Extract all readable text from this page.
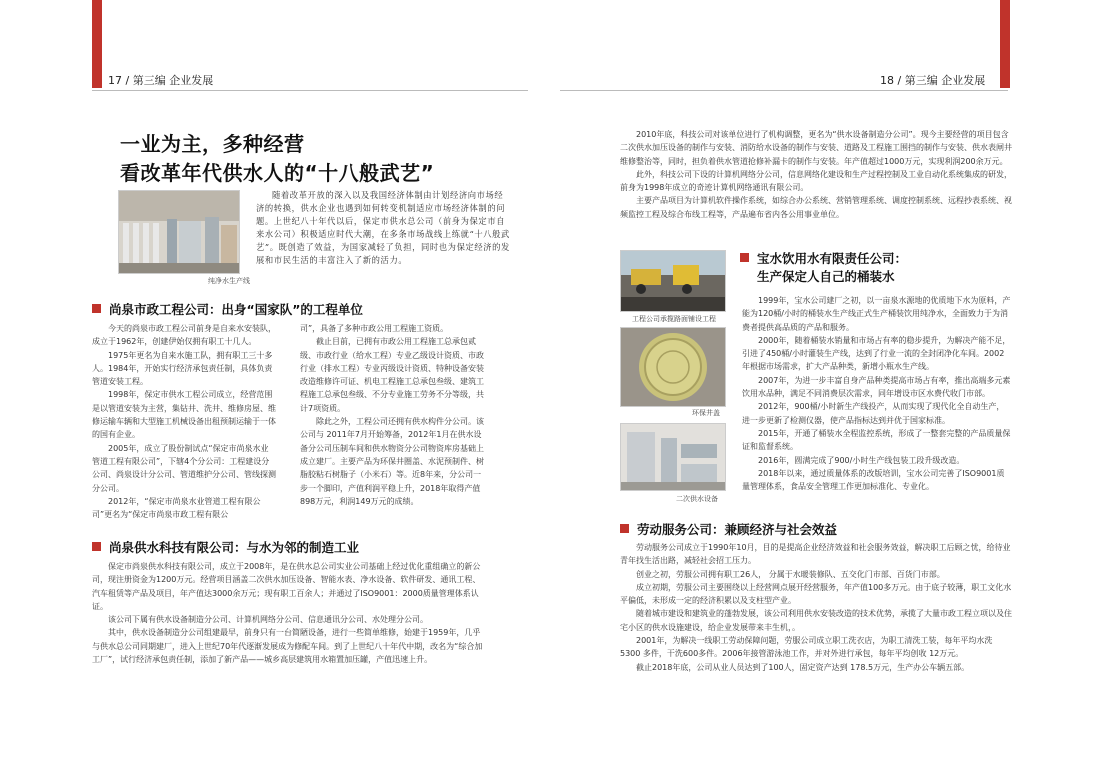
17 / 第三编 企业发展	18 / 第三编 企业发展
一业为主，多种经营
看改革年代供水人的“十八般武艺”
纯净水生产线

随着改革开放的深入以及我国经济体制由计划经济向市场经济的转换，供水企业也遇到如何转变机制适应市场经济体制的问题。上世纪八十年代以后，保定市供水总公司（前身为保定市自来水公司）积极适应时代大潮，在多条市场战线上练就“十八般武艺”。既创造了效益，为国家减轻了负担，同时也为保定经济的发展和市民生活的丰富注入了新的活力。

尚泉市政工程公司：出身“国家队”的工程单位

今天的尚泉市政工程公司前身是自来水安装队，成立于1962年，创建伊始仅拥有职工十几人。

1975年更名为自来水施工队，拥有职工三十多人。1984年，开始实行经济承包责任制，具体负责管道安装工程。

1998年，保定市供水工程公司成立，经营范围是以管道安装为主营，集钻井、洗井、维修房屋、维修运输车辆和大型施工机械设备出租预制运输于一体的国有企业。

2005年，成立了股份制试点“保定市尚泉水业管道工程有限公司”，下辖4个分公司：工程建设分公司、尚泉设计分公司、管道维护分公司、管线探测分公司。

2012年，“保定市尚泉水业管道工程有限公司”更名为“保定市尚泉市政工程有限公

司”，具备了多种市政公用工程施工资质。

截止目前，已拥有市政公用工程施工总承包贰级、市政行业（给水工程）专业乙级设计资质、市政行业（排水工程）专业丙级设计资质、特种设备安装改造维修许可证、机电工程施工总承包叁级、建筑工程施工总承包叁级、不分专业施工劳务不分等级，共计7项资质。

除此之外，工程公司还拥有供水构件分公司。该公司与 2011年7月开始筹备，2012年1月在供水设备分公司压制车间和供水物资分公司物资库房基础上成立建厂。主要产品为环保井圈盖、水泥预制件、树脂胶粘石树脂子（小米石）等。近8年来，分公司一步一个脚印，产值利润平稳上升，2018年取得产值898万元，利润149万元的成绩。

尚泉供水科技有限公司：与水为邻的制造工业

保定市尚泉供水科技有限公司，成立于2008年，是在供水总公司实业公司基础上经过优化重组确立的新公司，现注册资金为1200万元。经营项目涵盖二次供水加压设备、智能水表、净水设备、软件研发、通讯工程、汽车租赁等产品及项目，年产值达3000余万元；现有职工百余人；并通过了ISO9001：2000质量管理体系认证。

该公司下属有供水设备制造分公司、计算机网络分公司、信息通讯分公司、水处理分公司。

其中，供水设备制造分公司组建最早，前身只有一台简陋设备，进行一些简单维修，始建于1959年，几乎与供水总公司同期建厂，进入上世纪70年代逐渐发展成为修配车间。到了上世纪八十年代中期，改名为“综合加工厂”，试行经济承包责任制，添加了新产品——城乡高层建筑用水箱置加压罐，产值迅速上升。

2010年底，科技公司对该单位进行了机构调整，更名为“供水设备制造分公司”。现今主要经营的项目包含二次供水加压设备的制作与安装、消防给水设备的制作与安装、道路及工程施工围挡的制作与安装、供水表闸井维修整治等，同时，担负着供水管道抢修补漏卡的制作与安装。年产值超过1000万元，实现利润200余万元。

此外，科技公司下设的计算机网络分公司，信息网络化建设和生产过程控制及工业自动化系统集成的研发，前身为1998年成立的奇迹计算机网络通讯有限公司。

主要产品项目为计算机软件操作系统，如综合办公系统、营销管理系统、调度控制系统、远程抄表系统、视频监控工程及综合布线工程等，产品遍布省内各公用事业单位。

工程公司承揽路面铺设工程
环保井盖
二次供水设备
宝水饮用水有限责任公司：
生产保定人自己的桶装水

1999年，宝水公司建厂之初，以一亩泉水源地的优质地下水为原料，产能为120桶/小时的桶装水生产线正式生产桶装饮用纯净水，全面致力于为消费者提供高品质的产品和服务。

2000年，随着桶装水销量和市场占有率的稳步提升，为解决产能不足，引进了450桶/小时灌装生产线，达到了行业一流的全封闭净化车间。2002年根据市场需求，扩大产品种类，新增小瓶水生产线。

2007年，为进一步丰富自身产品种类提高市场占有率，推出高端多元素饮用水品种，满足不同消费层次需求，同年增设市区水费代收门市部。

2012年，900桶/小时新生产线投产，从而实现了现代化全自动生产，进一步更新了检测仪器，使产品指标达到并优于国家标准。

2015年，开通了桶装水全程监控系统，形成了一整套完整的产品质量保证和监督系统。

2016年，圆满完成了900/小时生产线包装工段升级改造。

2018年以来，通过质量体系的改版培训，宝水公司完善了ISO9001质量管理体系，食品安全管理工作更加标准化、专业化。

劳动服务公司：兼顾经济与社会效益

劳动服务公司成立于1990年10月，目的是提高企业经济效益和社会服务效益，解决职工后顾之忧，给待业青年找生活出路，减轻社会招工压力。

创业之初，劳服公司拥有职工26人， 分属于水暖装修队、五交化门市部、百货门市部。

成立初期，劳服公司主要围绕以上经营网点展开经营服务，年产值100多万元。由于底子较薄，职工文化水平偏低，未形成一定的经济积累以及支柱型产业。

随着城市建设和建筑业的蓬勃发展，该公司利用供水安装改造的技术优势，承揽了大量市政工程立项以及住宅小区的供水设施建设，给企业发展带来丰生机，。

2001年，为解决一线职工劳动保障问题，劳服公司成立职工洗衣店，为职工清洗工装，每年平均水洗5300 多件，干洗600多件。2006年接管游泳池工作，并对外进行承包，每年平均创收 12万元。

截止2018年底，公司从业人员达到了100人，固定资产达到 178.5万元，生产办公车辆五部。
